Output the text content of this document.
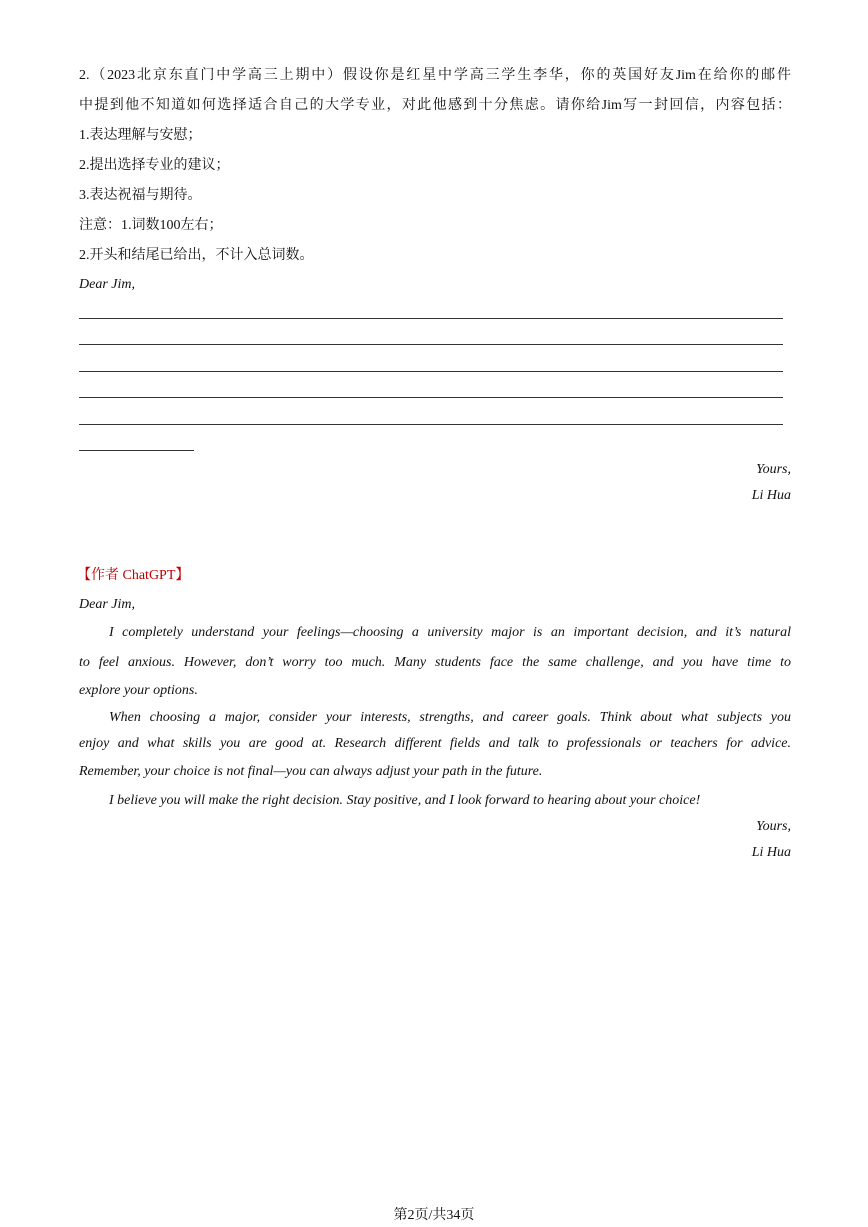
2.（2023北京东直门中学高三上期中）假设你是红星中学高三学生李华，你的英国好友Jim在给你的邮件
中提到他不知道如何选择适合自己的大学专业，对此他感到十分焦虑。请你给Jim写一封回信，内容包括：
1.表达理解与安慰；
2.提出选择专业的建议；
3.表达祝福与期待。
注意：1.词数100左右；
2.开头和结尾已给出，不计入总词数。
Dear Jim,
Yours,
Li Hua
【作者 ChatGPT】
Dear Jim,
I completely understand your feelings—choosing a university major is an important decision, and it’s natural
to feel anxious. However, don’t worry too much. Many students face the same challenge, and you have time to
explore your options.
When choosing a major, consider your interests, strengths, and career goals. Think about what subjects you
enjoy and what skills you are good at. Research different fields and talk to professionals or teachers for advice.
Remember, your choice is not final—you can always adjust your path in the future.
I believe you will make the right decision. Stay positive, and I look forward to hearing about your choice!
Yours,
Li Hua
第2页/共34页
